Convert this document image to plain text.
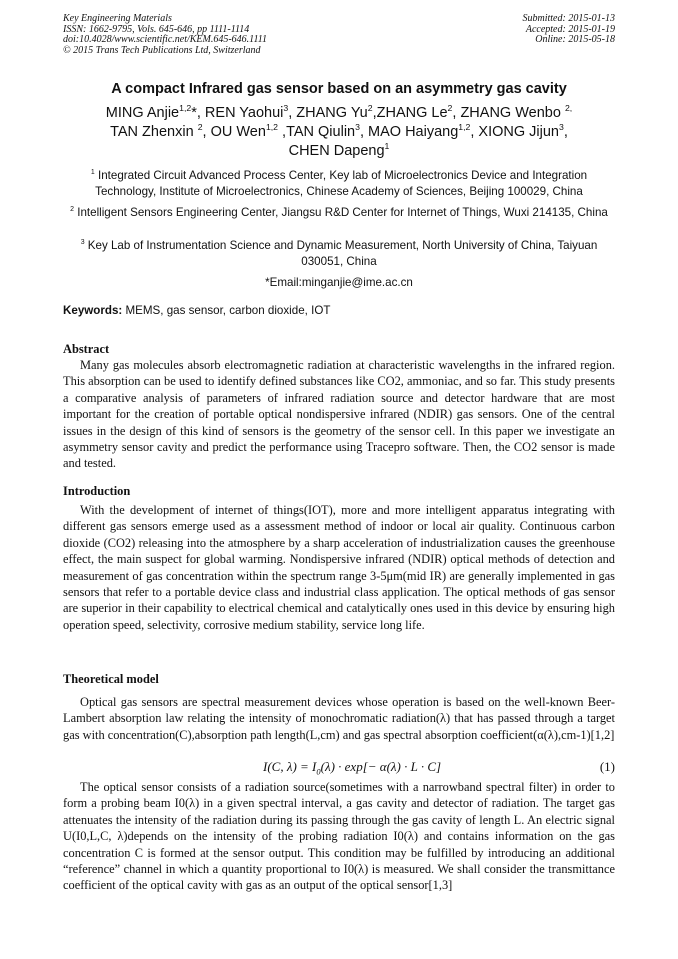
Key Engineering Materials
ISSN: 1662-9795, Vols. 645-646, pp 1111-1114
doi:10.4028/www.scientific.net/KEM.645-646.1111
© 2015 Trans Tech Publications Ltd, Switzerland
Submitted: 2015-01-13
Accepted: 2015-01-19
Online: 2015-05-18
A compact Infrared gas sensor based on an asymmetry gas cavity
MING Anjie$^{1,2}$*, REN Yaohui$^3$, ZHANG Yu$^2$,ZHANG Le$^2$, ZHANG Wenbo $^{2,}$
TAN Zhenxin $^2$, OU Wen$^{1,2}$ ,TAN Qiulin$^3$, MAO Haiyang$^{1,2}$, XIONG Jijun$^3$,
CHEN Dapeng$^1$
$^1$ Integrated Circuit Advanced Process Center, Key lab of Microelectronics Device and Integration Technology, Institute of Microelectronics, Chinese Academy of Sciences, Beijing 100029, China
$^2$ Intelligent Sensors Engineering Center, Jiangsu R&D Center for Internet of Things, Wuxi 214135, China
$^3$ Key Lab of Instrumentation Science and Dynamic Measurement, North University of China, Taiyuan 030051, China
*Email:minganjie@ime.ac.cn
Keywords: MEMS, gas sensor, carbon dioxide, IOT
Abstract

Many gas molecules absorb electromagnetic radiation at characteristic wavelengths in the infrared region. This absorption can be used to identify defined substances like CO2, ammoniac, and so far. This study presents a comparative analysis of parameters of infrared radiation source and detector hardware that are most important for the creation of portable optical nondispersive infrared (NDIR) gas sensors. One of the central issues in the design of this kind of sensors is the geometry of the sensor cell. In this paper we investigate an asymmetry sensor cavity and predict the performance using Tracepro software. Then, the CO2 sensor is made and tested.

Introduction

With the development of internet of things(IOT), more and more intelligent apparatus integrating with different gas sensors emerge used as a assessment method of indoor or local air quality. Continuous carbon dioxide (CO2) releasing into the atmosphere by a sharp acceleration of industrialization causes the greenhouse effect, the main suspect for global warming. Nondispersive infrared (NDIR) optical methods of detection and measurement of gas concentration within the spectrum range 3-5μm(mid IR) are generally implemented in gas sensors that refer to a portable device class and industrial class application. The optical methods of gas sensor are superior in their capability to electrical chemical and catalytically ones used in this device by ensuring high operation speed, selectivity, corrosive medium stability, service long life.

Theoretical model

Optical gas sensors are spectral measurement devices whose operation is based on the well-known Beer-Lambert absorption law relating the intensity of monochromatic radiation(λ) that has passed through a target gas with concentration(C),absorption path length(L,cm) and gas spectral absorption coefficient(α(λ),cm-1)[1,2]

I(C, $\lambda) = I_0(\lambda) \cdot \exp[- \alpha(\lambda) \cdot L \cdot C]$	(1)

The optical sensor consists of a radiation source(sometimes with a narrowband spectral filter) in order to form a probing beam I0(λ) in a given spectral interval, a gas cavity and detector of radiation. The target gas attenuates the intensity of the radiation during its passing through the gas cavity of length L. An electric signal U(I0,L,C, λ)depends on the intensity of the probing radiation I0(λ) and contains information on the gas concentration C is formed at the sensor output. This condition may be fulfilled by introducing an additional “reference” channel in which a quantity proportional to I0(λ) is measured. We shall consider the transmittance coefficient of the optical cavity with gas as an output of the optical sensor[1,3]
